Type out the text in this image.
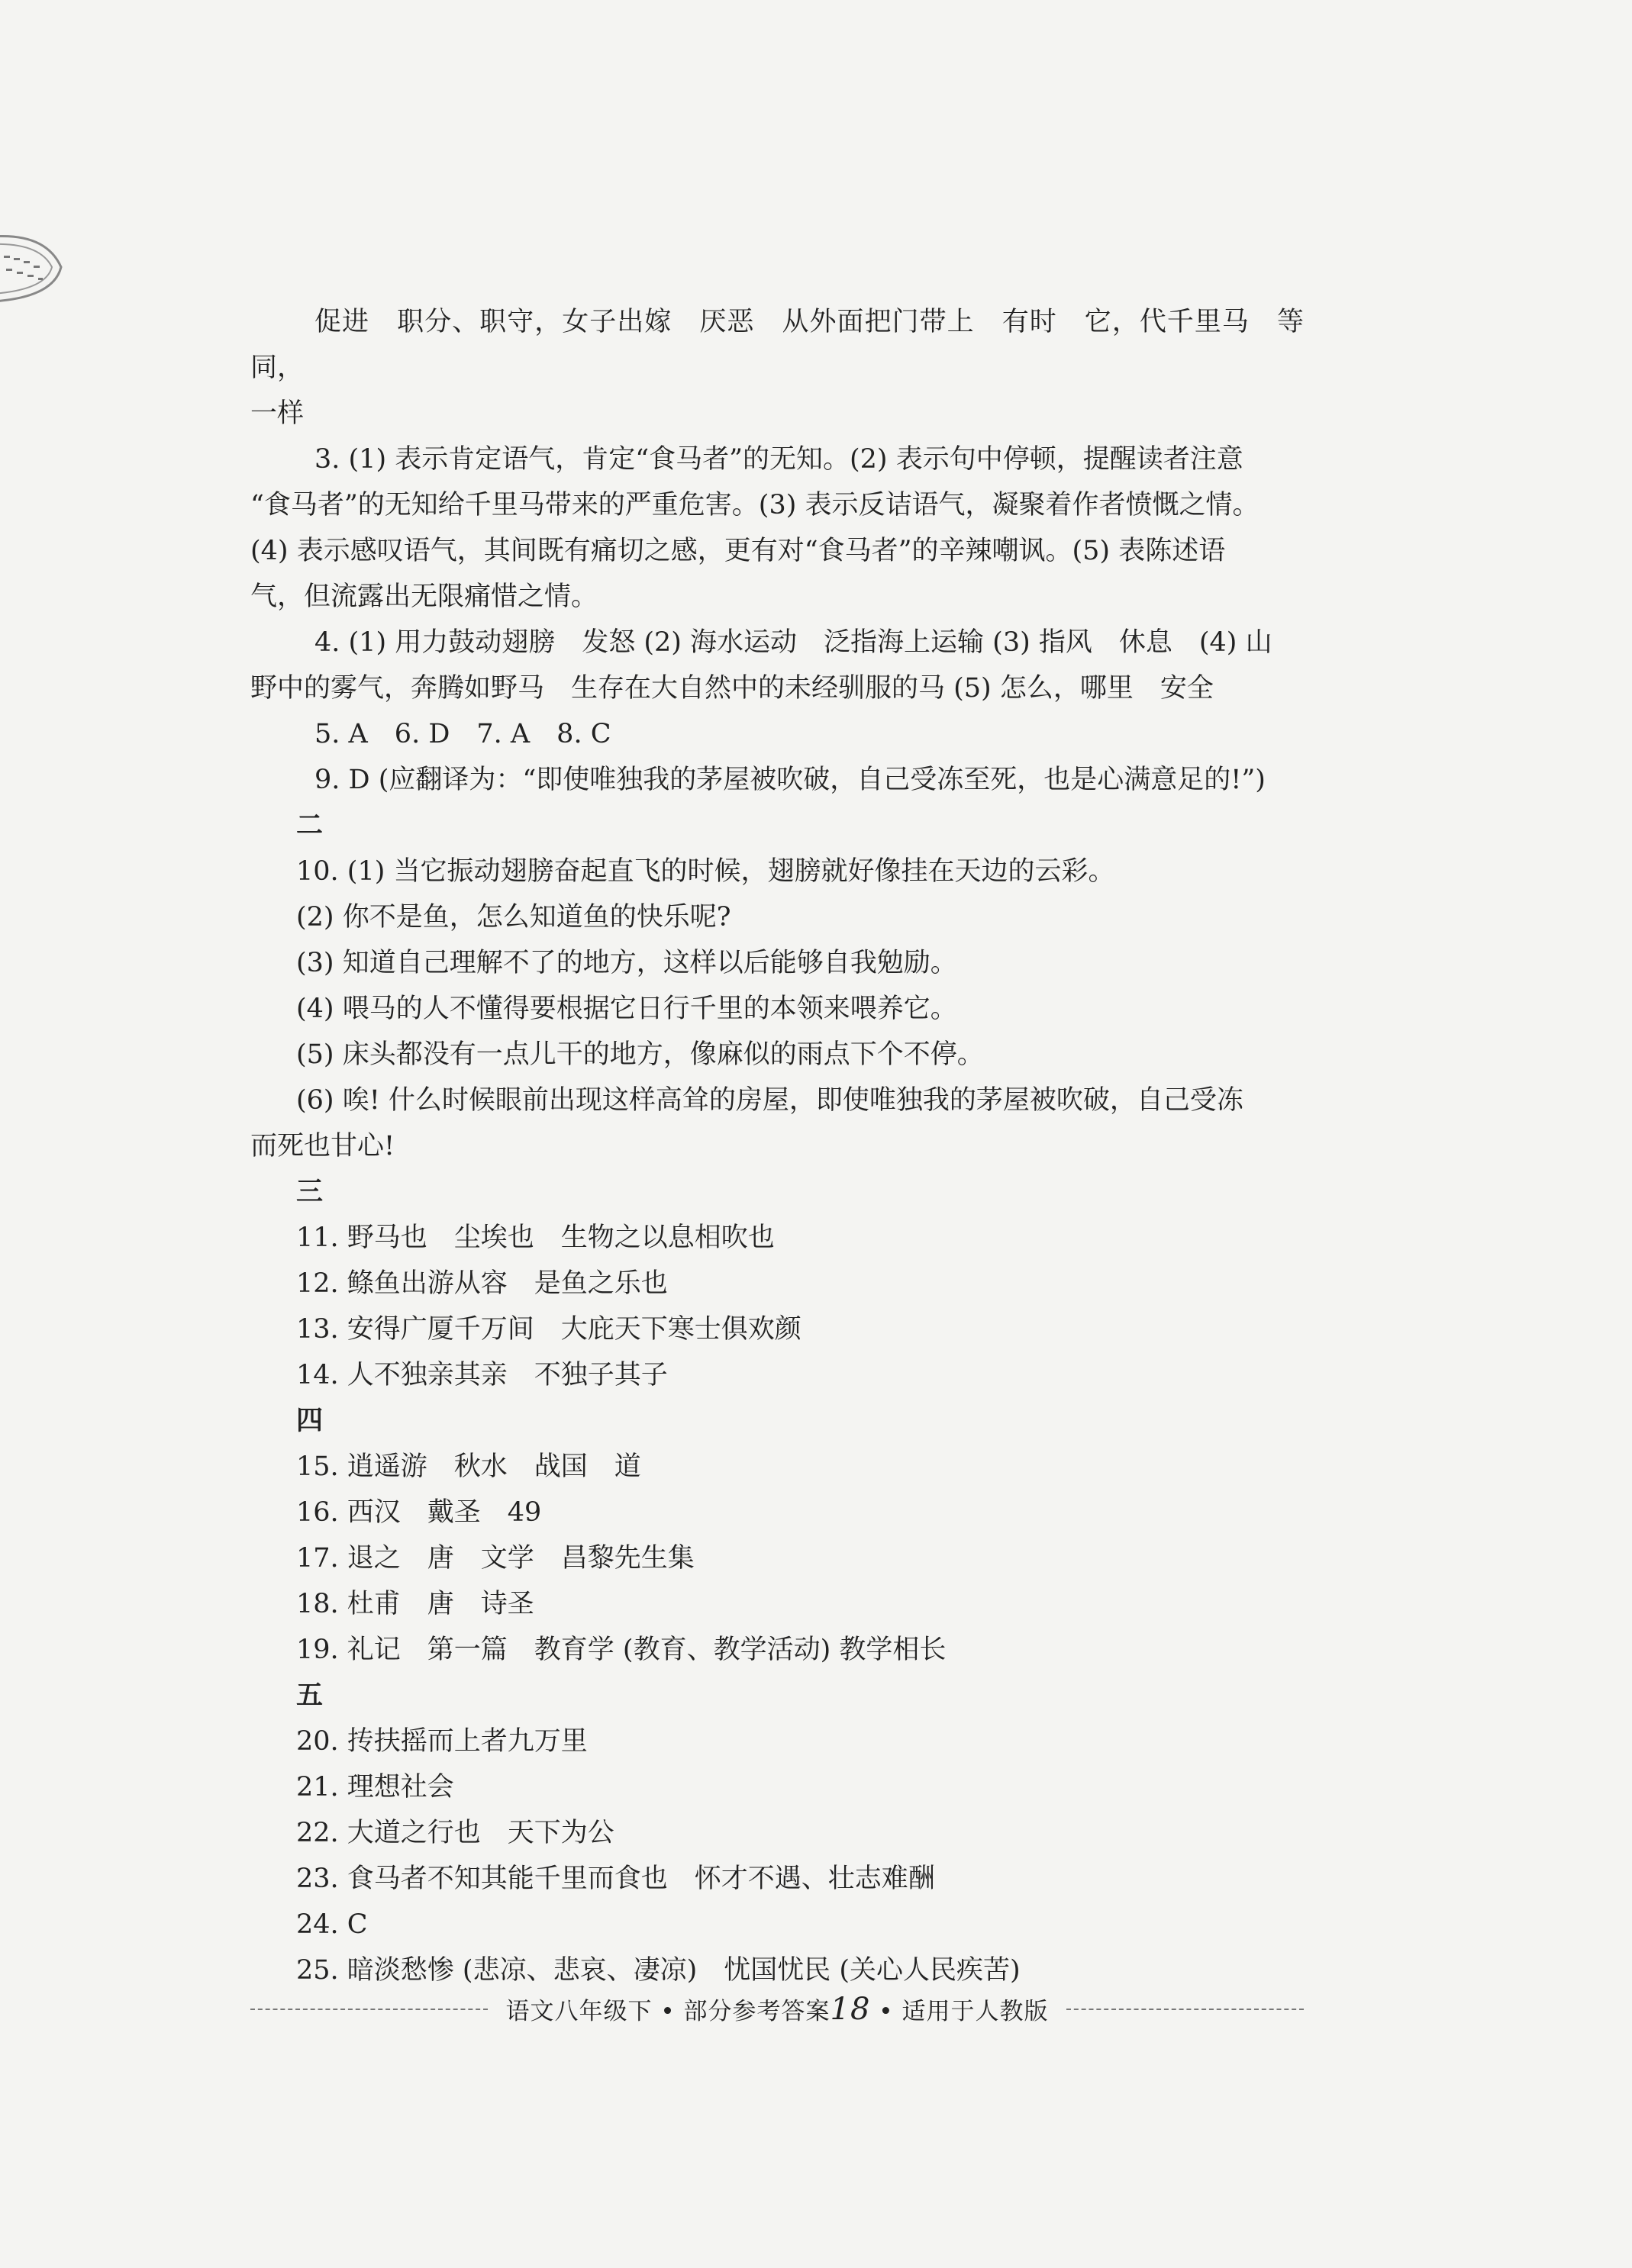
促进　职分、职守，女子出嫁　厌恶　从外面把门带上　有时　它，代千里马　等同，

一样

3. (1) 表示肯定语气，肯定“食马者”的无知。(2) 表示句中停顿，提醒读者注意

“食马者”的无知给千里马带来的严重危害。(3) 表示反诘语气，凝聚着作者愤慨之情。

(4) 表示感叹语气，其间既有痛切之感，更有对“食马者”的辛辣嘲讽。(5) 表陈述语

气，但流露出无限痛惜之情。

4. (1) 用力鼓动翅膀　发怒 (2) 海水运动　泛指海上运输 (3) 指风　休息　(4) 山

野中的雾气，奔腾如野马　生存在大自然中的未经驯服的马 (5) 怎么，哪里　安全

5. A　6. D　7. A　8. C

9. D (应翻译为：“即使唯独我的茅屋被吹破，自己受冻至死，也是心满意足的!”)

二

10. (1) 当它振动翅膀奋起直飞的时候，翅膀就好像挂在天边的云彩。

(2) 你不是鱼，怎么知道鱼的快乐呢?

(3) 知道自己理解不了的地方，这样以后能够自我勉励。

(4) 喂马的人不懂得要根据它日行千里的本领来喂养它。

(5) 床头都没有一点儿干的地方，像麻似的雨点下个不停。

(6) 唉! 什么时候眼前出现这样高耸的房屋，即使唯独我的茅屋被吹破，自己受冻

而死也甘心!

三

11. 野马也　尘埃也　生物之以息相吹也

12. 鲦鱼出游从容　是鱼之乐也

13. 安得广厦千万间　大庇天下寒士俱欢颜

14. 人不独亲其亲　不独子其子

四

15. 逍遥游　秋水　战国　道

16. 西汉　戴圣　49

17. 退之　唐　文学　昌黎先生集

18. 杜甫　唐　诗圣

19. 礼记　第一篇　教育学 (教育、教学活动) 教学相长

五

20. 抟扶摇而上者九万里

21. 理想社会

22. 大道之行也　天下为公

23. 食马者不知其能千里而食也　怀才不遇、壮志难酬

24. C

25. 暗淡愁惨 (悲凉、悲哀、凄凉)　忧国忧民 (关心人民疾苦)

语文八年级下 • 部分参考答案18 • 适用于人教版
